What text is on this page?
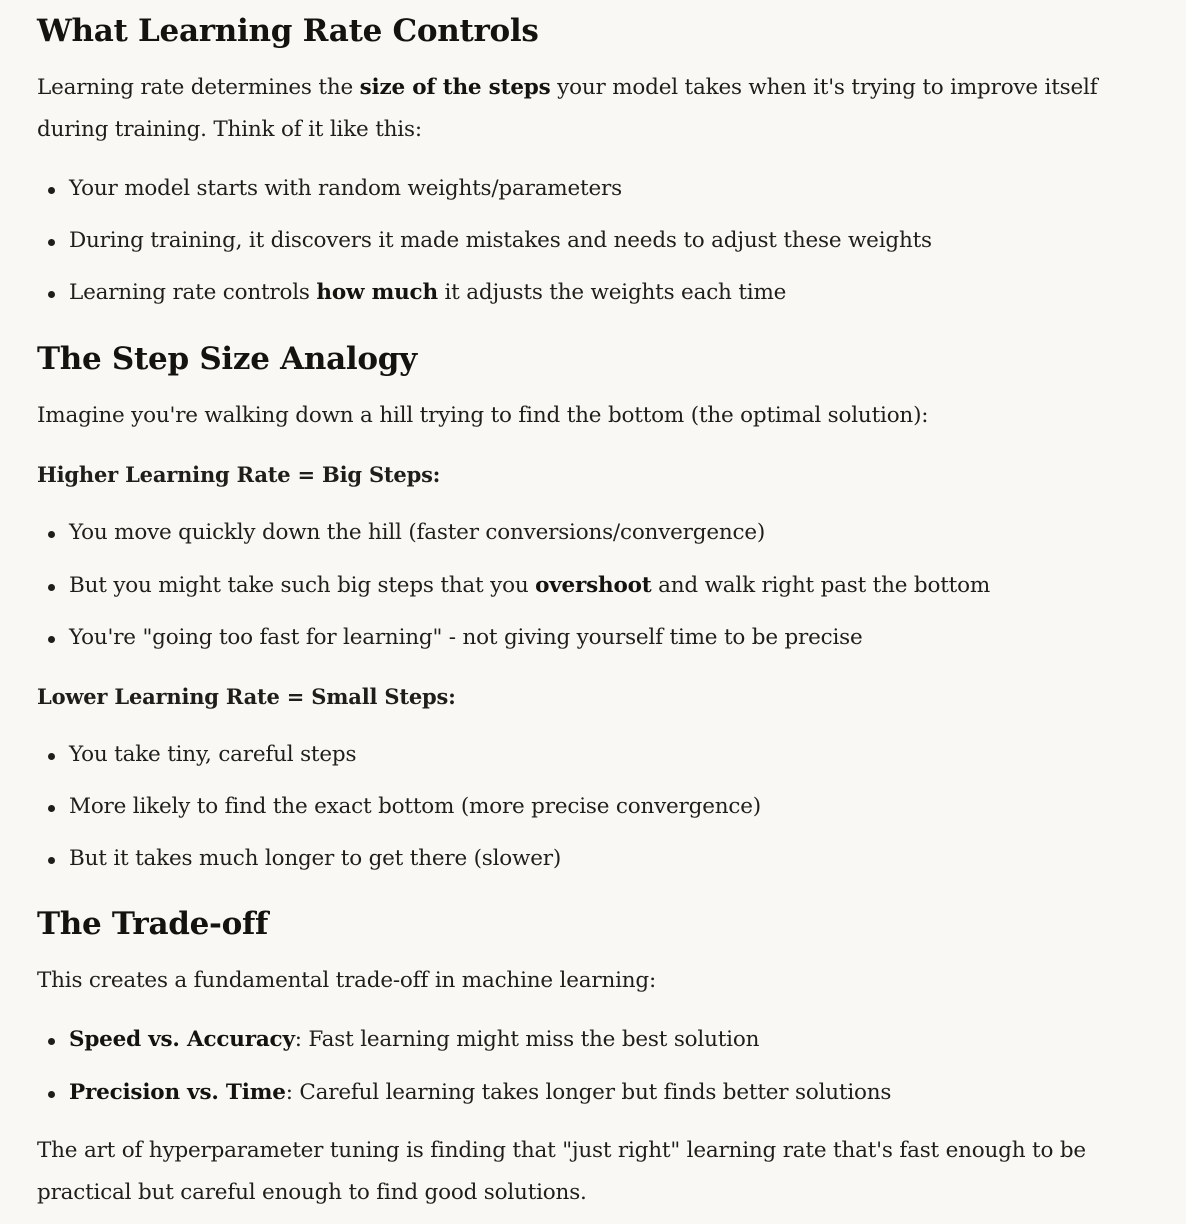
What Learning Rate Controls

Learning rate determines the size of the steps your model takes when it's trying to improve itself during training. Think of it like this:

Your model starts with random weights/parameters
During training, it discovers it made mistakes and needs to adjust these weights
Learning rate controls how much it adjusts the weights each time
The Step Size Analogy

Imagine you're walking down a hill trying to find the bottom (the optimal solution):

Higher Learning Rate = Big Steps:
You move quickly down the hill (faster conversions/convergence)
But you might take such big steps that you overshoot and walk right past the bottom
You're "going too fast for learning" - not giving yourself time to be precise
Lower Learning Rate = Small Steps:
You take tiny, careful steps
More likely to find the exact bottom (more precise convergence)
But it takes much longer to get there (slower)
The Trade-off

This creates a fundamental trade-off in machine learning:

Speed vs. Accuracy: Fast learning might miss the best solution
Precision vs. Time: Careful learning takes longer but finds better solutions

The art of hyperparameter tuning is finding that "just right" learning rate that's fast enough to be practical but careful enough to find good solutions.
